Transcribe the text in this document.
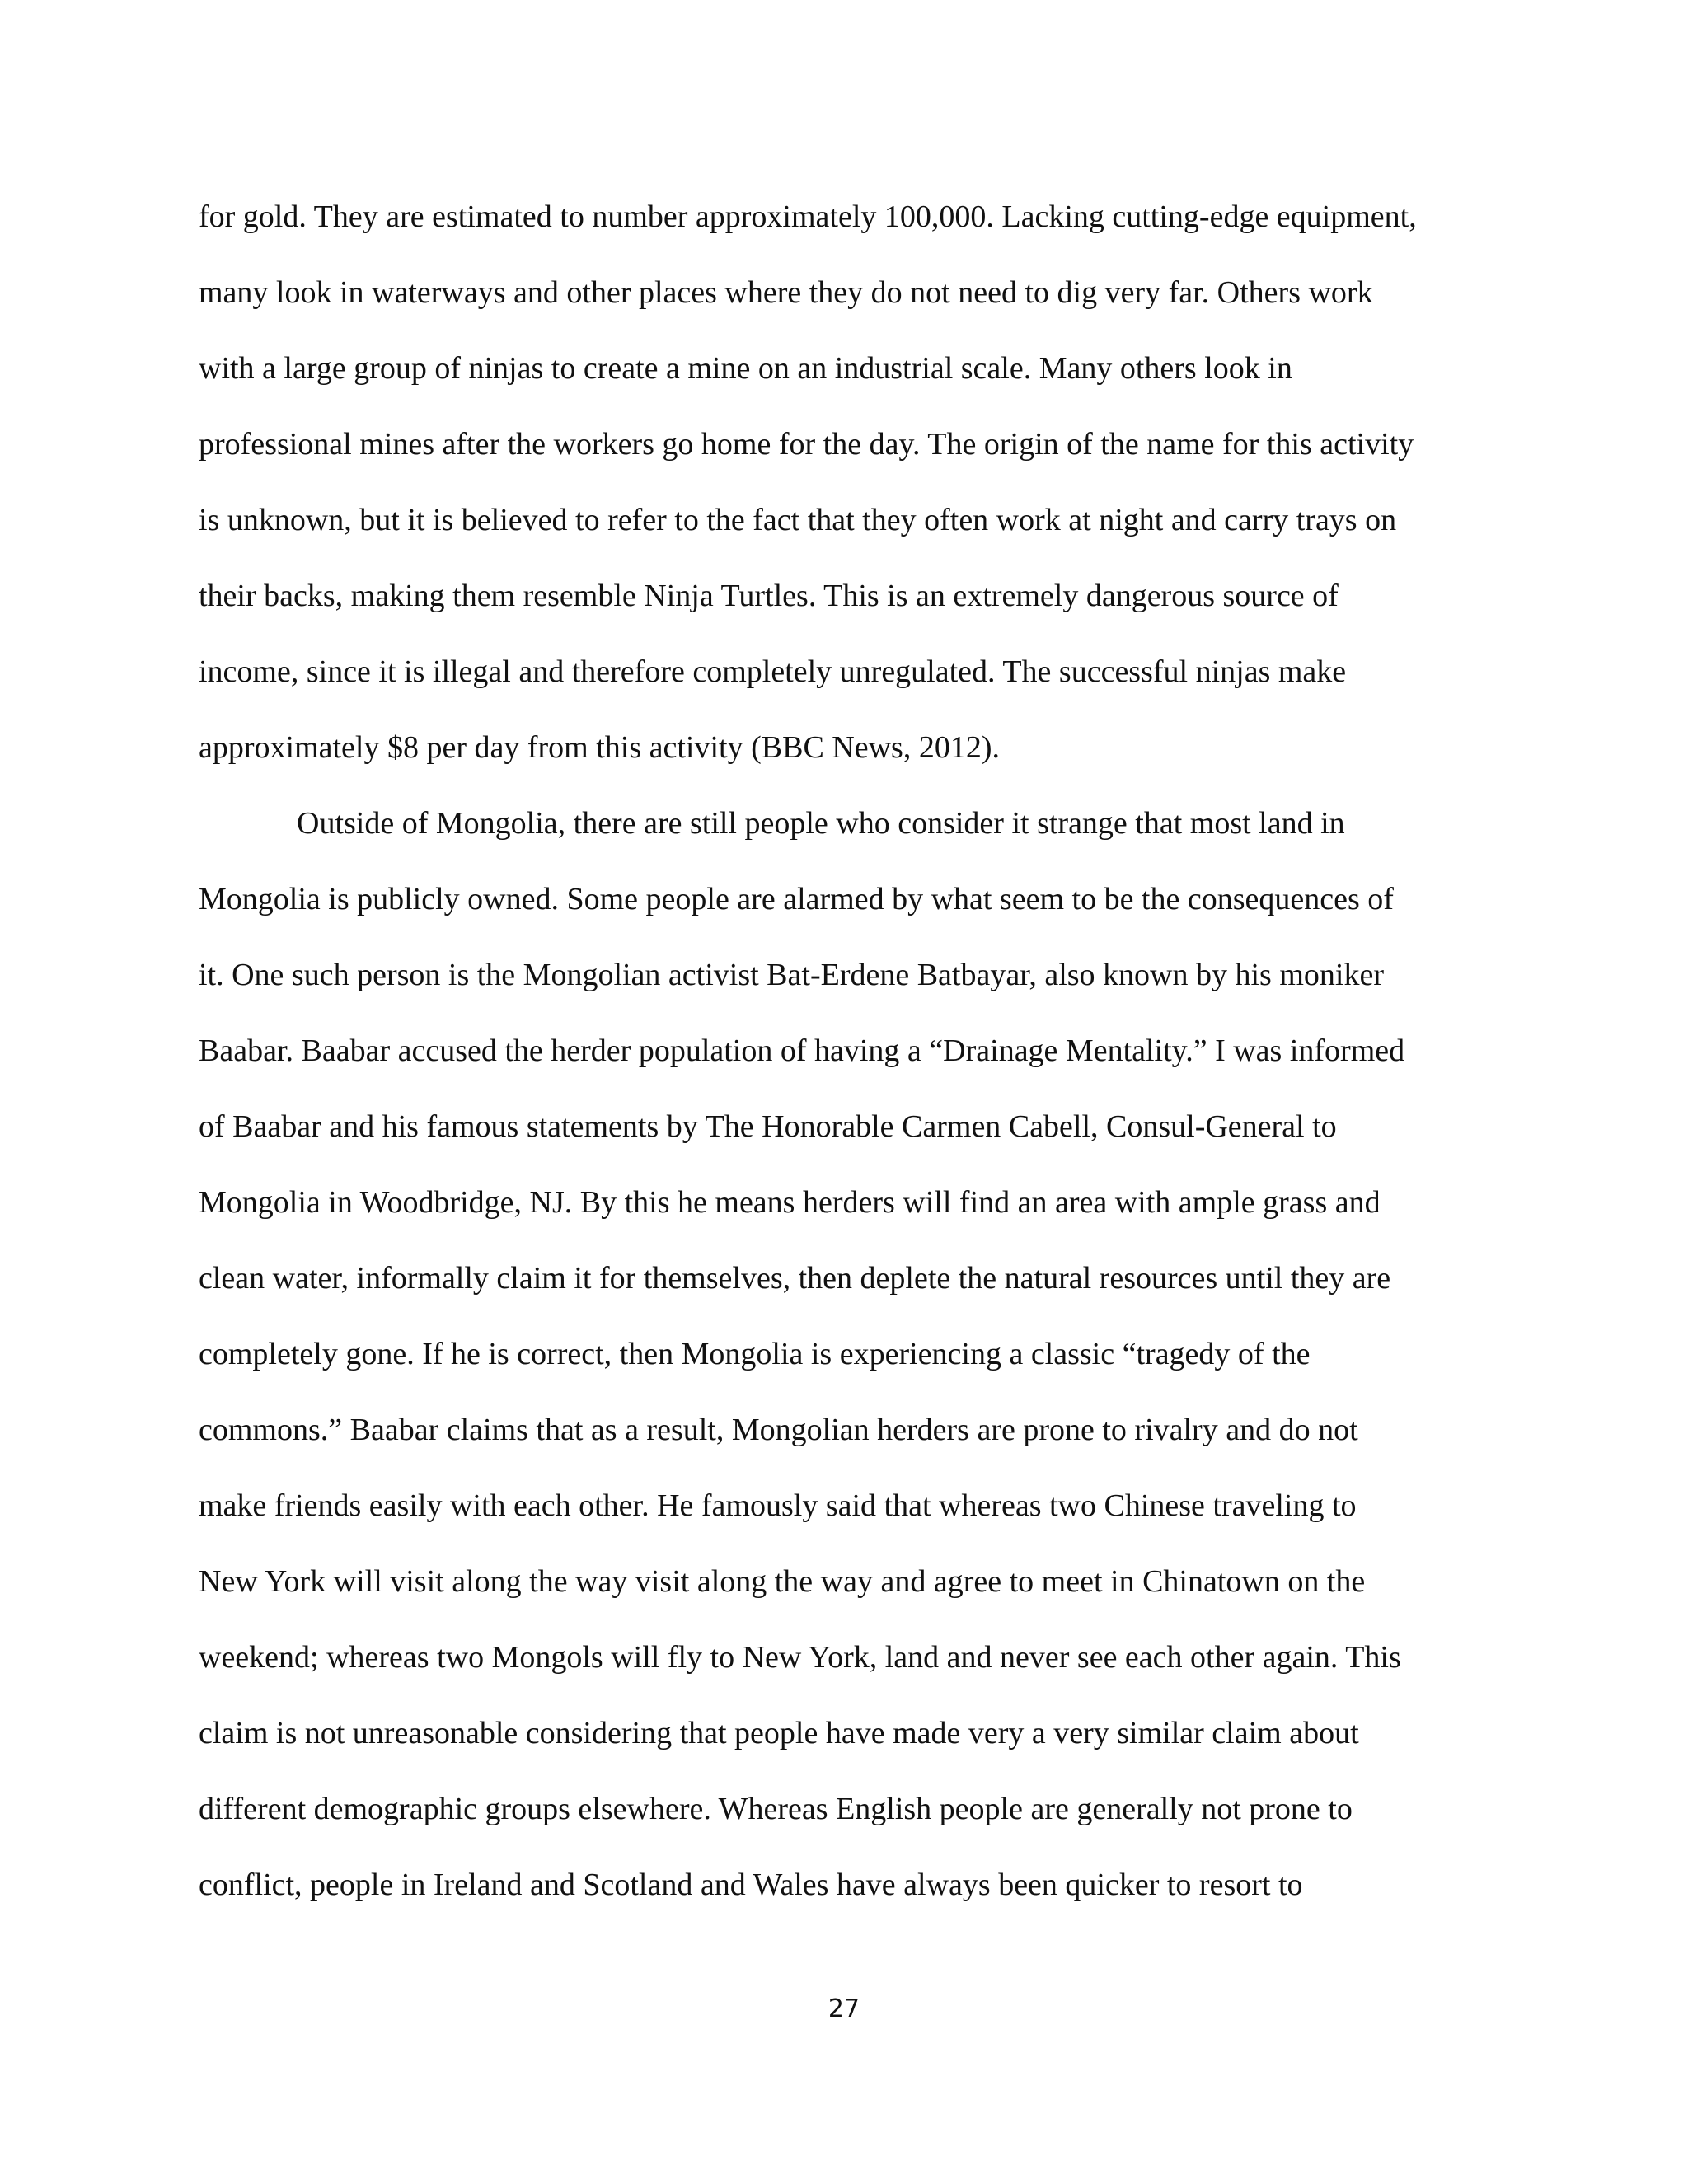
for gold. They are estimated to number approximately 100,000. Lacking cutting-edge equipment,
many look in waterways and other places where they do not need to dig very far. Others work
with a large group of ninjas to create a mine on an industrial scale. Many others look in
professional mines after the workers go home for the day. The origin of the name for this activity
is unknown, but it is believed to refer to the fact that they often work at night and carry trays on
their backs, making them resemble Ninja Turtles. This is an extremely dangerous source of
income, since it is illegal and therefore completely unregulated. The successful ninjas make
approximately $8 per day from this activity (BBC News, 2012).
Outside of Mongolia, there are still people who consider it strange that most land in
Mongolia is publicly owned. Some people are alarmed by what seem to be the consequences of
it. One such person is the Mongolian activist Bat-Erdene Batbayar, also known by his moniker
Baabar. Baabar accused the herder population of having a “Drainage Mentality.” I was informed
of Baabar and his famous statements by The Honorable Carmen Cabell, Consul-General to
Mongolia in Woodbridge, NJ. By this he means herders will find an area with ample grass and
clean water, informally claim it for themselves, then deplete the natural resources until they are
completely gone. If he is correct, then Mongolia is experiencing a classic “tragedy of the
commons.” Baabar claims that as a result, Mongolian herders are prone to rivalry and do not
make friends easily with each other. He famously said that whereas two Chinese traveling to
New York will visit along the way visit along the way and agree to meet in Chinatown on the
weekend; whereas two Mongols will fly to New York, land and never see each other again. This
claim is not unreasonable considering that people have made very a very similar claim about
different demographic groups elsewhere. Whereas English people are generally not prone to
conflict, people in Ireland and Scotland and Wales have always been quicker to resort to
27
